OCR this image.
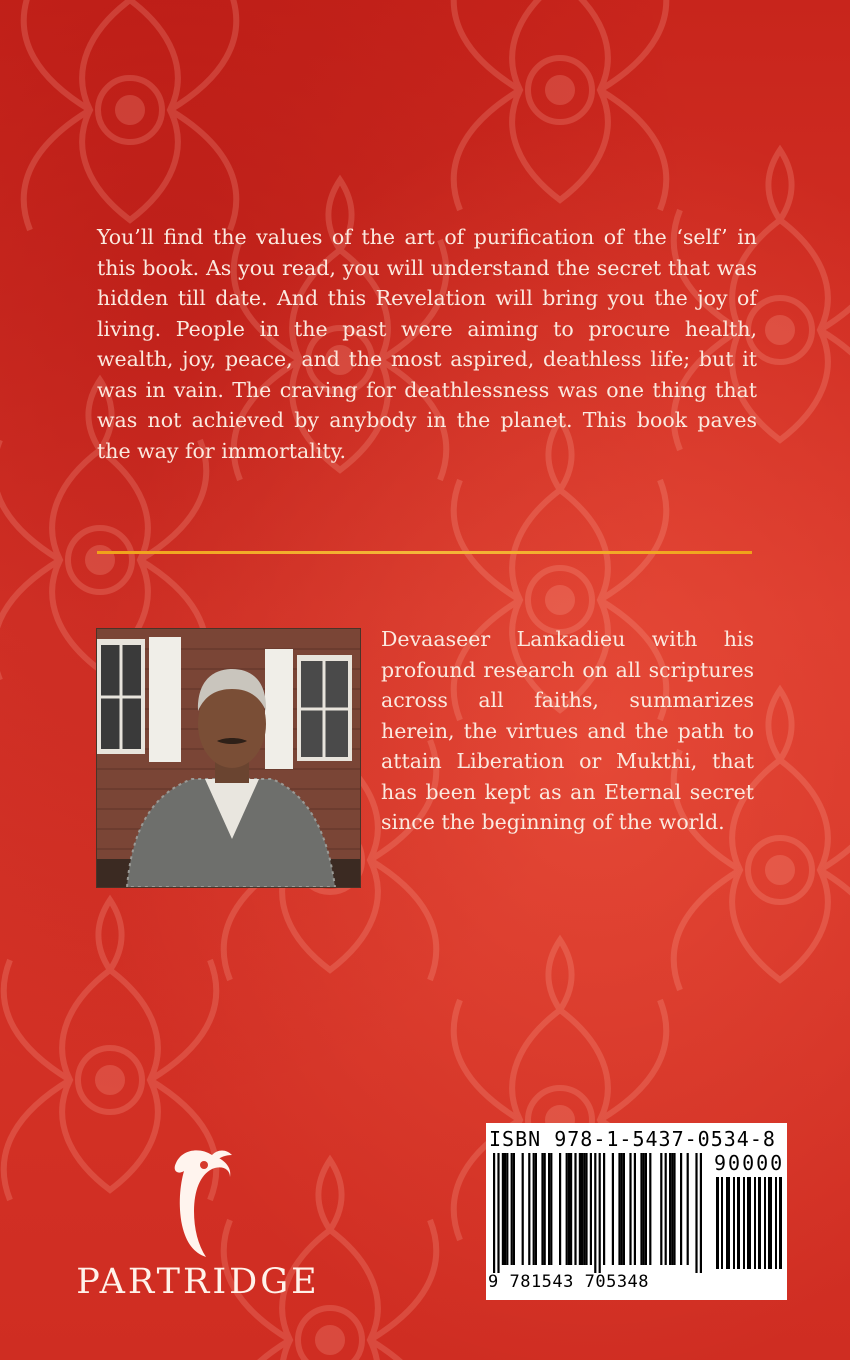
You’ll find the values of the art of purification of the ‘self’ in this book. As you read, you will understand the secret that was hidden till date. And this Revelation will bring you the joy of living. People in the past were aiming to procure health, wealth, joy, peace, and the most aspired, deathless life; but it was in vain. The craving for deathlessness was one thing that was not achieved by anybody in the planet. This book paves the way for immortality.

Devaaseer Lankadieu with his profound research on all scriptures across all faiths, summarizes herein, the virtues and the path to attain Liberation or Mukthi, that has been kept as an Eternal secret since the beginning of the world.

PARTRIDGE

ISBN 978-1-5437-0534-8

90000

9 781543 705348
